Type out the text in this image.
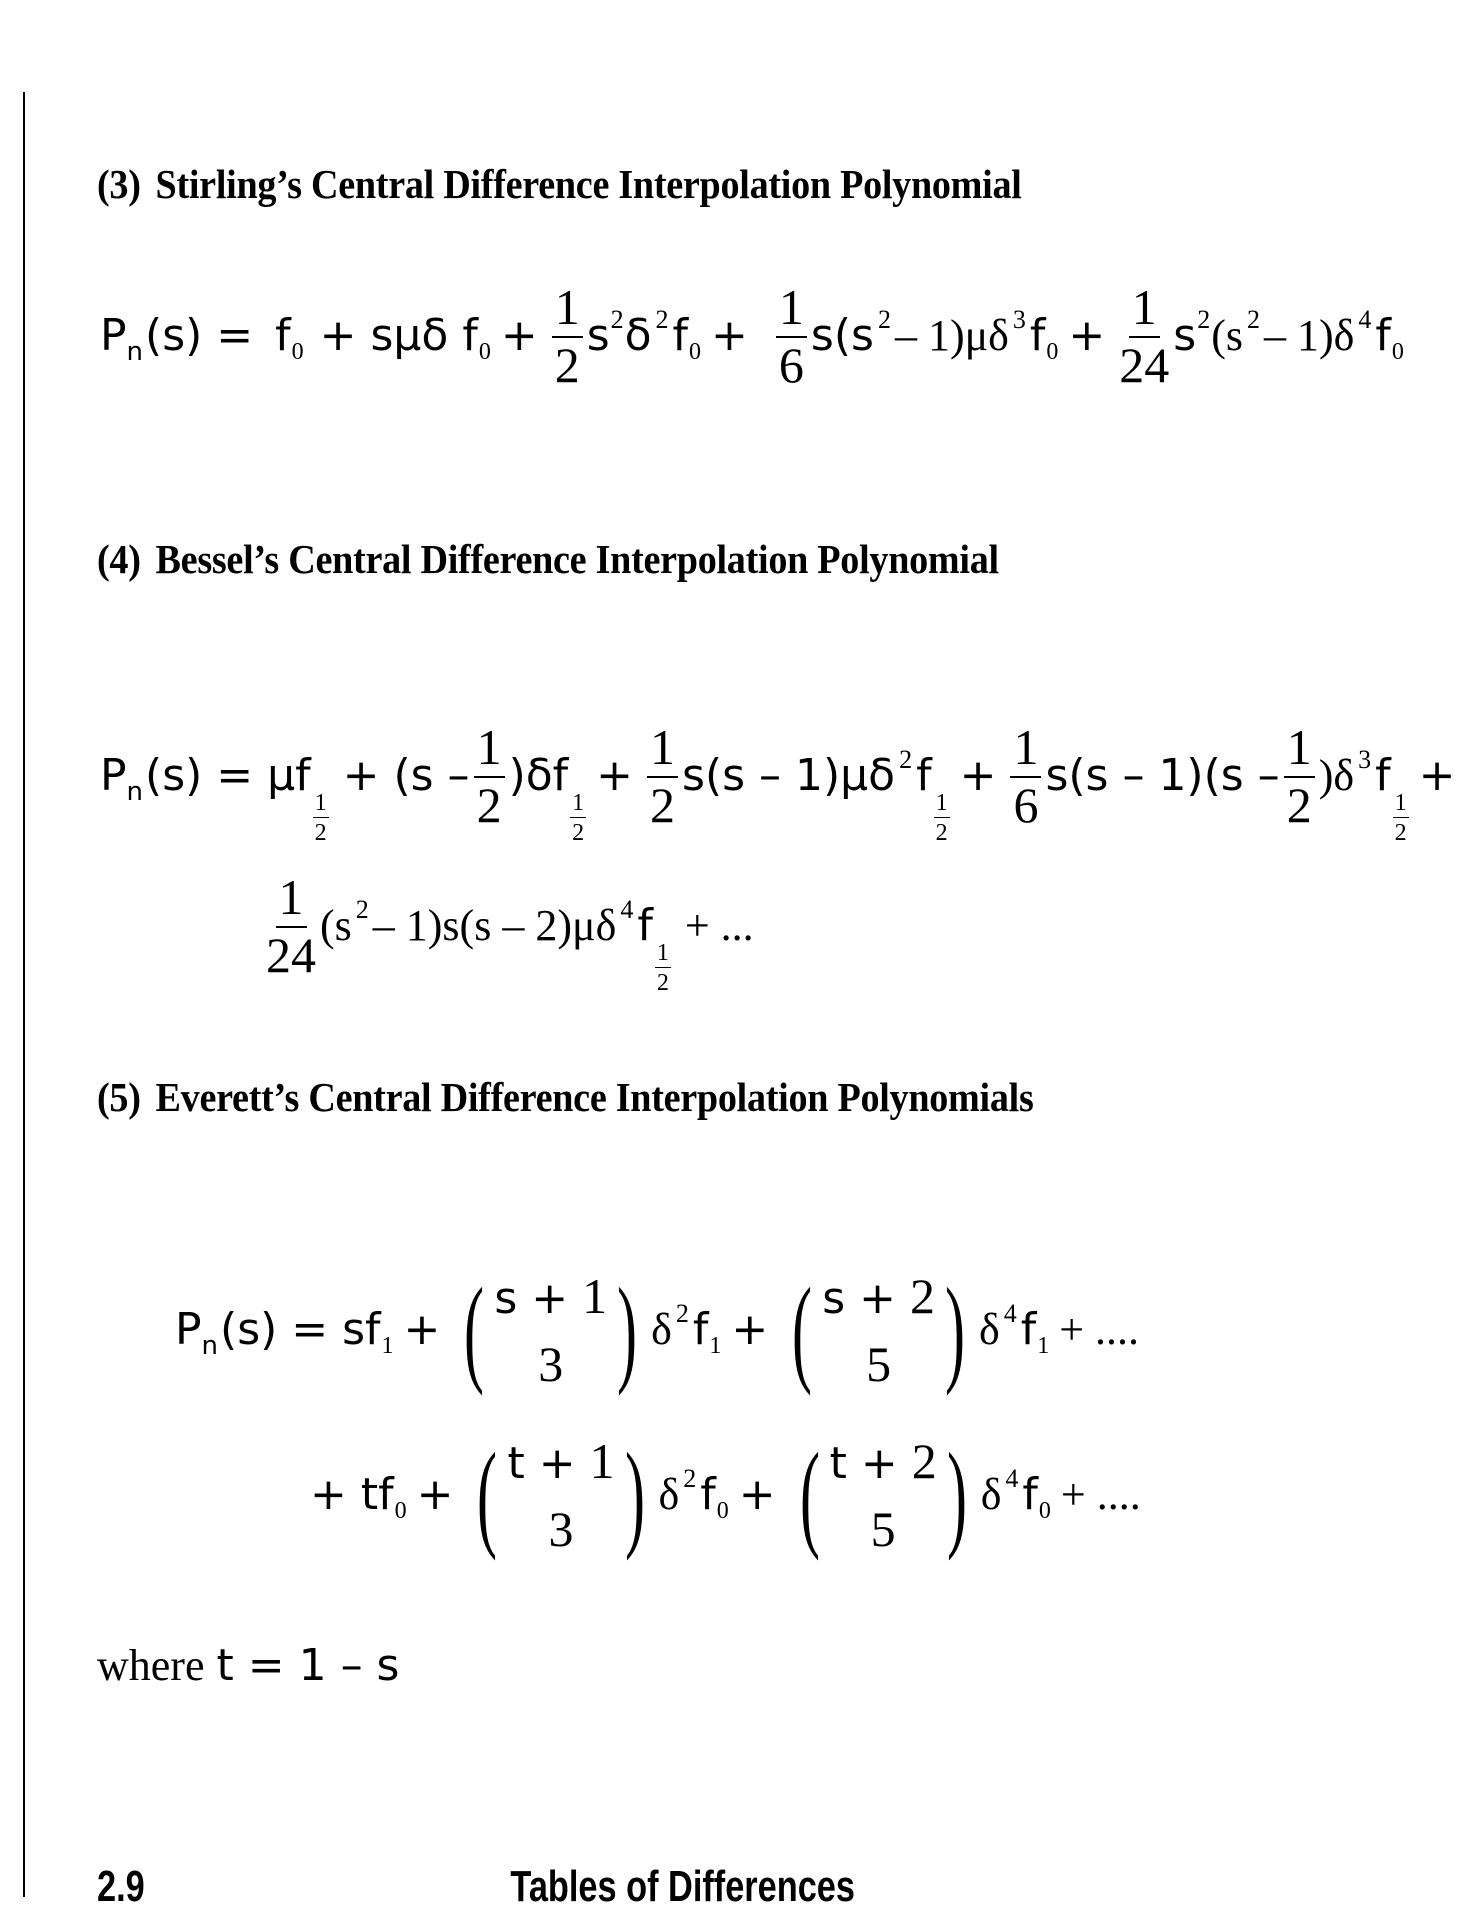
(3) Stirling’s Central Difference Interpolation Polynomial
P n (s) = f 0 + sμδ f $0 + \frac{1}{2}$ s 2 δ 2 f $0 + \frac{1}{6} s(s$ 2 – 1)μδ 3 f $0 + \frac{1}{24}$ s 2 (s 2 – 1)δ 4 f 0
(4) Bessel’s Central Difference Interpolation Polynomial
P n (s) = μf
$\frac{1}{2}$
+ $(s - \frac{1}{2} )\delta f$
$\frac{1}{2}$
+ $\frac{1}{2} s(s - 1)\mu\delta$ 2 f
$\frac{1}{2}$
+ $\frac{1}{6} s(s - 1)(s - \frac{1}{2} )\delta$ 3 f
$\frac{1}{2}$
+
$\frac{1}{24} (s$ 2 – 1)s(s – 2)μδ 4 f
$\frac{1}{2}$
+ ...
(5) Everett’s Central Difference Interpolation Polynomials
P n (s) = sf 1 + ( s + 1
3 ) δ 2 f 1 + ( s + 2
5 ) δ 4 f 1 + ....
+ tf 0 + ( t + 1
3 ) δ 2 f 0 + ( t + 2
5 ) δ 4 f 0 + ....
where t = 1 – s
2.9	Tables of Differences
